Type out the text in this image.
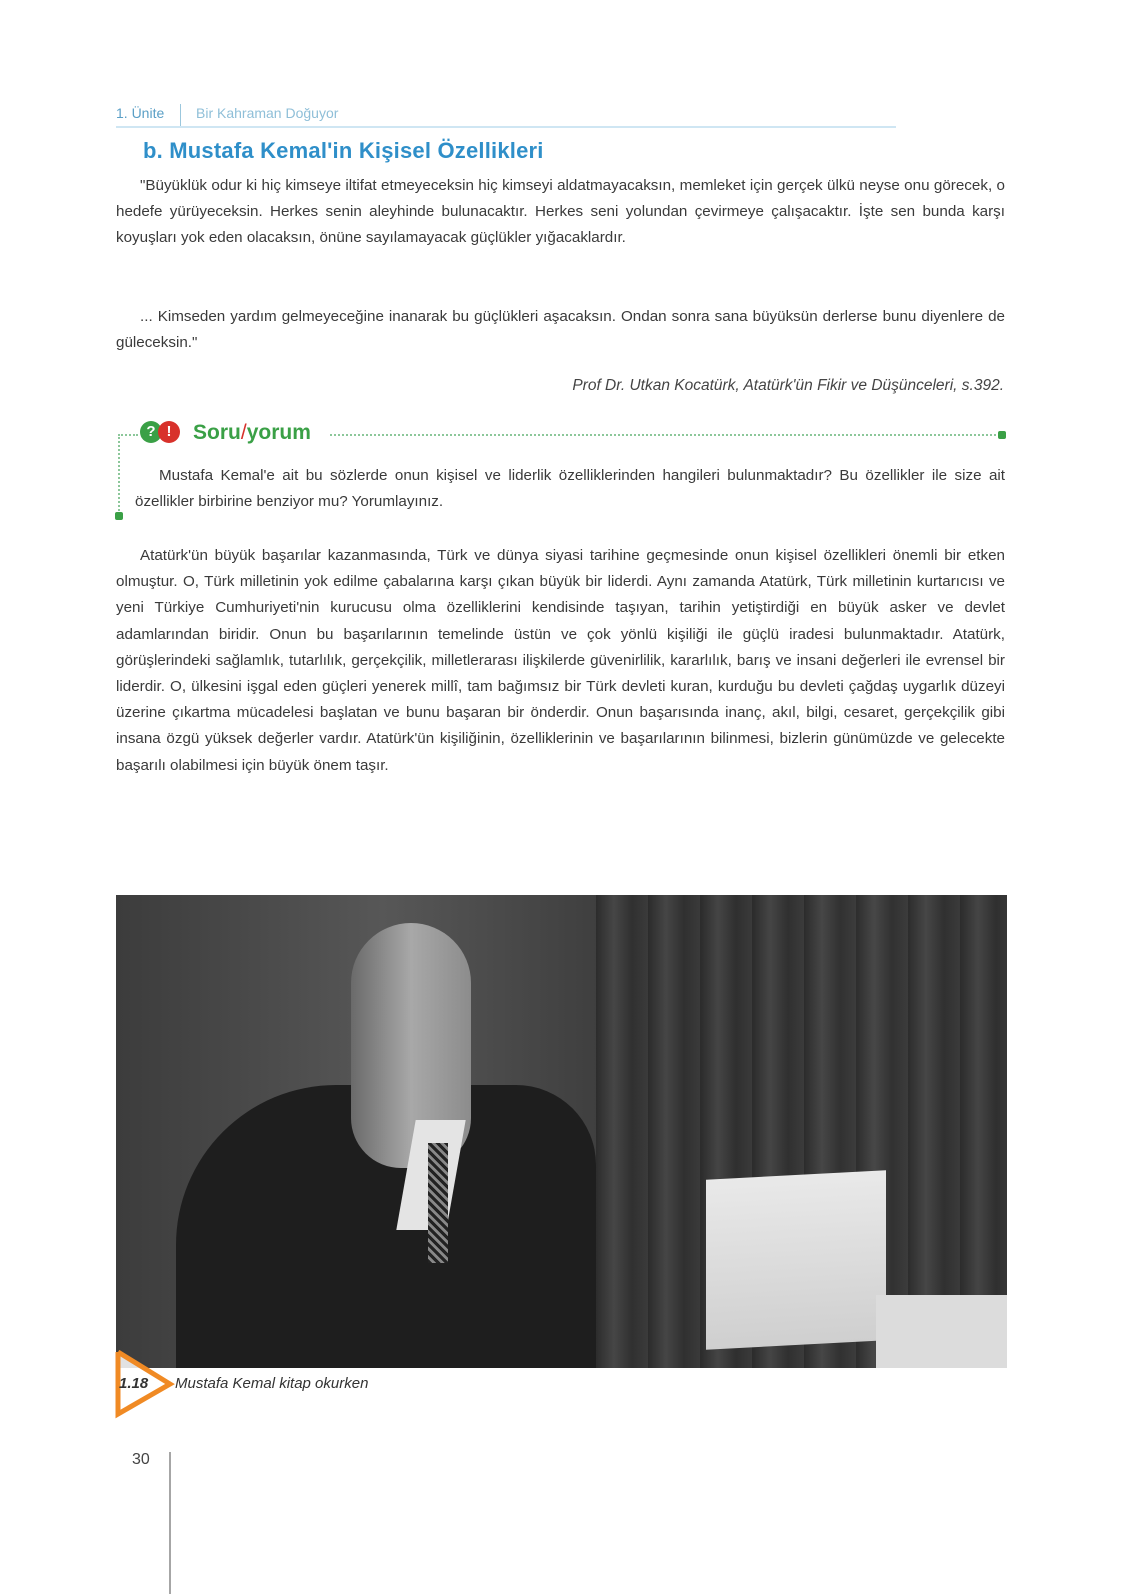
1. Ünite Bir Kahraman Doğuyor
b. Mustafa Kemal'in Kişisel Özellikleri

"Büyüklük odur ki hiç kimseye iltifat etmeyeceksin hiç kimseyi aldatmayacaksın, memleket için gerçek ülkü neyse onu görecek, o hedefe yürüyeceksin. Herkes senin aleyhinde bulunacaktır. Herkes seni yolundan çevirmeye çalışacaktır. İşte sen bunda karşı koyuşları yok eden olacaksın, önüne sayılamayacak güçlükler yığacaklardır.

... Kimseden yardım gelmeyeceğine inanarak bu güçlükleri aşacaksın. Ondan sonra sana büyüksün derlerse bunu diyenlere de güleceksin."

Prof Dr. Utkan Kocatürk, Atatürk'ün Fikir ve Düşünceleri, s.392.
? !	Soru/yorum

Mustafa Kemal'e ait bu sözlerde onun kişisel ve liderlik özelliklerinden hangileri bulunmaktadır? Bu özellikler ile size ait özellikler birbirine benziyor mu? Yorumlayınız.

Atatürk'ün büyük başarılar kazanmasında, Türk ve dünya siyasi tarihine geçmesinde onun kişisel özellikleri önemli bir etken olmuştur. O, Türk milletinin yok edilme çabalarına karşı çıkan büyük bir liderdi. Aynı zamanda Atatürk, Türk milletinin kurtarıcısı ve yeni Türkiye Cumhuriyeti'nin kurucusu olma özelliklerini kendisinde taşıyan, tarihin yetiştirdiği en büyük asker ve devlet adamlarından biridir. Onun bu başarılarının temelinde üstün ve çok yönlü kişiliği ile güçlü iradesi bulunmaktadır. Atatürk, görüşlerindeki sağlamlık, tutarlılık, gerçekçilik, milletlerarası ilişkilerde güvenirlilik, kararlılık, barış ve insani değerleri ile evrensel bir liderdir. O, ülkesini işgal eden güçleri yenerek millî, tam bağımsız bir Türk devleti kuran, kurduğu bu devleti çağdaş uygarlık düzeyi üzerine çıkartma mücadelesi başlatan ve bunu başaran bir önderdir. Onun başarısında inanç, akıl, bilgi, cesaret, gerçekçilik gibi insana özgü yüksek değerler vardır. Atatürk'ün kişiliğinin, özelliklerinin ve başarılarının bilinmesi, bizlerin günümüzde ve gelecekte başarılı olabilmesi için büyük önem taşır.

1.18 Mustafa Kemal kitap okurken
30
